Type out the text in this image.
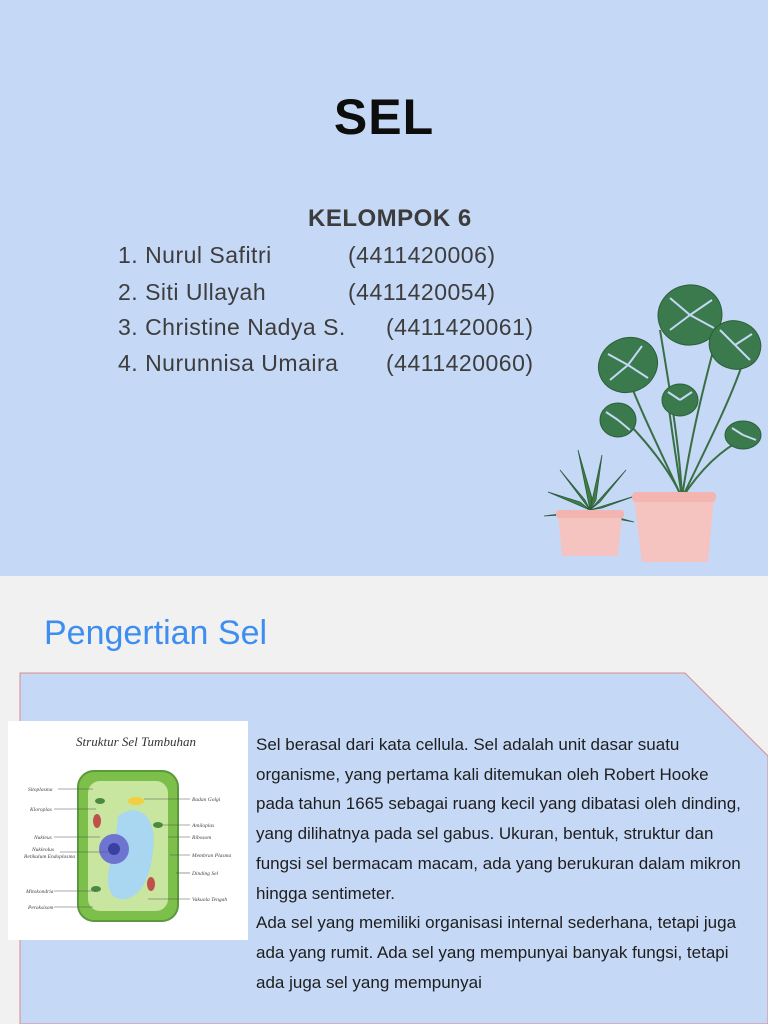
SEL
KELOMPOK 6
1. Nurul Safitri	(4411420006)
2. Siti Ullayah	(4411420054)
3. Christine Nadya S. (4411420061)
4. Nurunnisa Umaira (4411420060)
Pengertian Sel
Struktur Sel Tumbuhan
Sitoplasma
Kloroplas
Nukleus
Nukleolus
Retikulum Endoplasma
Mitokondria
Peroksisom
Badan Golgi
Amiloplas
Ribosom
Membran Plasma
Dinding Sel
Vakuola Tengah

Sel berasal dari kata cellula. Sel adalah unit dasar suatu organisme, yang pertama kali ditemukan oleh Robert Hooke pada tahun 1665 sebagai ruang kecil yang dibatasi oleh dinding, yang dilihatnya pada sel gabus. Ukuran, bentuk, struktur dan fungsi sel bermacam macam, ada yang berukuran dalam mikron hingga sentimeter.

Ada sel yang memiliki organisasi internal sederhana, tetapi juga ada yang rumit. Ada sel yang mempunyai banyak fungsi, tetapi ada juga sel yang mempunyai
